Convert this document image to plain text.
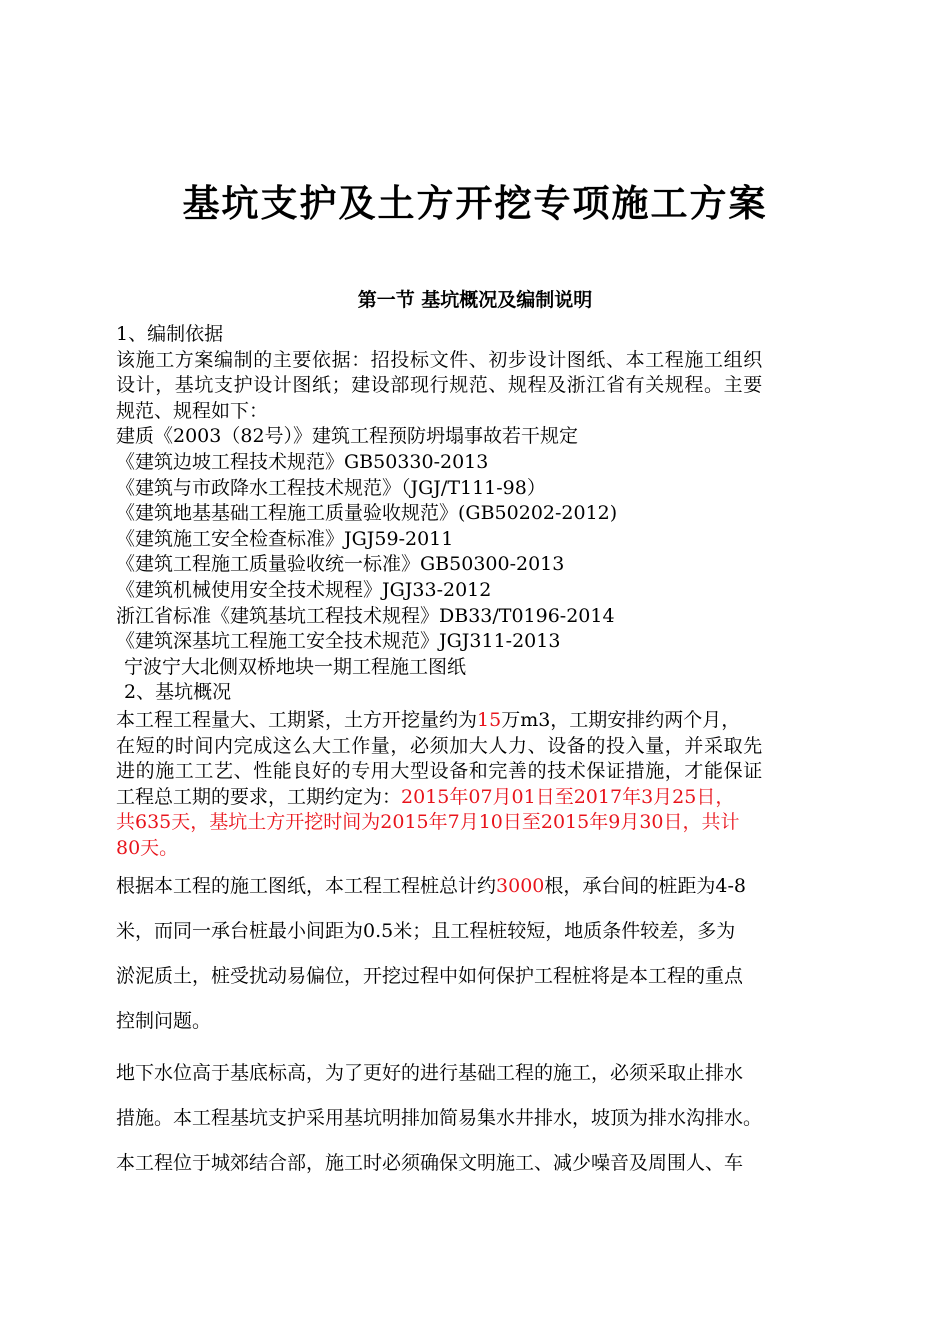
基坑支护及土方开挖专项施工方案
第一节 基坑概况及编制说明

1、编制依据

该施工方案编制的主要依据：招投标文件、初步设计图纸、本工程施工组织

设计，基坑支护设计图纸；建设部现行规范、规程及浙江省有关规程。主要

规范、规程如下：

建质《2003（82号）》建筑工程预防坍塌事故若干规定

《建筑边坡工程技术规范》GB50330-2013

《建筑与市政降水工程技术规范》（JGJ/T111-98）

《建筑地基基础工程施工质量验收规范》(GB50202-2012)

《建筑施工安全检查标准》JGJ59-2011

《建筑工程施工质量验收统一标准》GB50300-2013

《建筑机械使用安全技术规程》JGJ33-2012

浙江省标准《建筑基坑工程技术规程》DB33/T0196-2014

《建筑深基坑工程施工安全技术规范》JGJ311-2013

宁波宁大北侧双桥地块一期工程施工图纸

2、基坑概况

本工程工程量大、工期紧，土方开挖量约为15万m3，工期安排约两个月，

在短的时间内完成这么大工作量，必须加大人力、设备的投入量，并采取先

进的施工工艺、性能良好的专用大型设备和完善的技术保证措施，才能保证

工程总工期的要求，工期约定为：2015年07月01日至2017年3月25日，

共635天，基坑土方开挖时间为2015年7月10日至2015年9月30日，共计

80天。

根据本工程的施工图纸，本工程工程桩总计约3000根，承台间的桩距为4-8

米，而同一承台桩最小间距为0.5米；且工程桩较短，地质条件较差，多为

淤泥质土，桩受扰动易偏位，开挖过程中如何保护工程桩将是本工程的重点

控制问题。

地下水位高于基底标高，为了更好的进行基础工程的施工，必须采取止排水

措施。本工程基坑支护采用基坑明排加简易集水井排水，坡顶为排水沟排水。

本工程位于城郊结合部，施工时必须确保文明施工、减少噪音及周围人、车
